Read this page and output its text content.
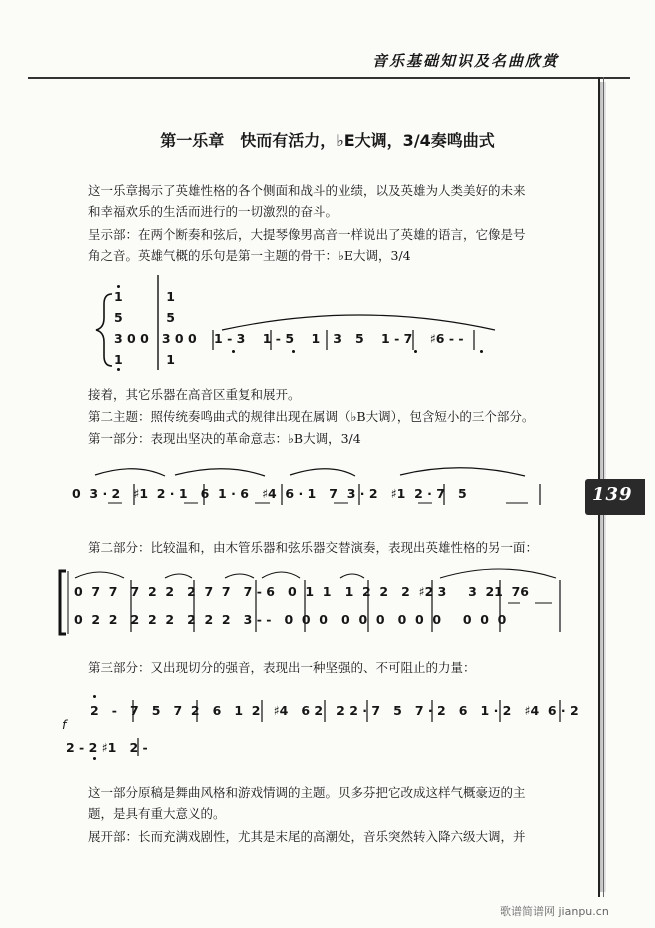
音乐基础知识及名曲欣赏
139
第一乐章　快而有活力，♭E大调，3/4奏鸣曲式
这一乐章揭示了英雄性格的各个侧面和战斗的业绩，以及英雄为人类美好的未来
和幸福欢乐的生活而进行的一切激烈的奋斗。
呈示部：在两个断奏和弦后，大提琴像男高音一样说出了英雄的语言，它像是号
角之音。英雄气概的乐句是第一主题的骨干：♭E大调，3/4
1          1
5          5
3 0 0   3 0 0    1 - 3    1 - 5    1   3   5    1 - 7    ♯6 - -
1          1
接着，其它乐器在高音区重复和展开。
第二主题：照传统奏鸣曲式的规律出现在属调（♭B大调），包含短小的三个部分。
第一部分：表现出坚决的革命意志：♭B大调，3/4
0  3 · 2   ♯1  2 · 1   6  1 · 6   ♯4  6 · 1   7  3 · 2   ♯1  2 · 7   5
第二部分：比较温和，由木管乐器和弦乐器交替演奏，表现出英雄性格的另一面：
0  7  7   7  2  2   2  7  7   7 - 6   0  1  1   1  2  2   2  ♯2 3     3  21  76
0  2  2   2  2  2   2  2  2   3 - -   0  0  0   0  0  0   0  0  0     0  0  0
第三部分：又出现切分的强音，表现出一种坚强的、不可阻止的力量：
2   -   7   5   7  2   6   1  2   ♯4   6 2   2 2 · 7   5   7 · 2   6   1 · 2   ♯4  6 · 2
f
2 - 2 ♯1   2 -
这一部分原稿是舞曲风格和游戏情调的主题。贝多芬把它改成这样气概豪迈的主
题，是具有重大意义的。
展开部：长而充满戏剧性，尤其是末尾的高潮处，音乐突然转入降六级大调，并
歌谱简谱网 jianpu.cn
